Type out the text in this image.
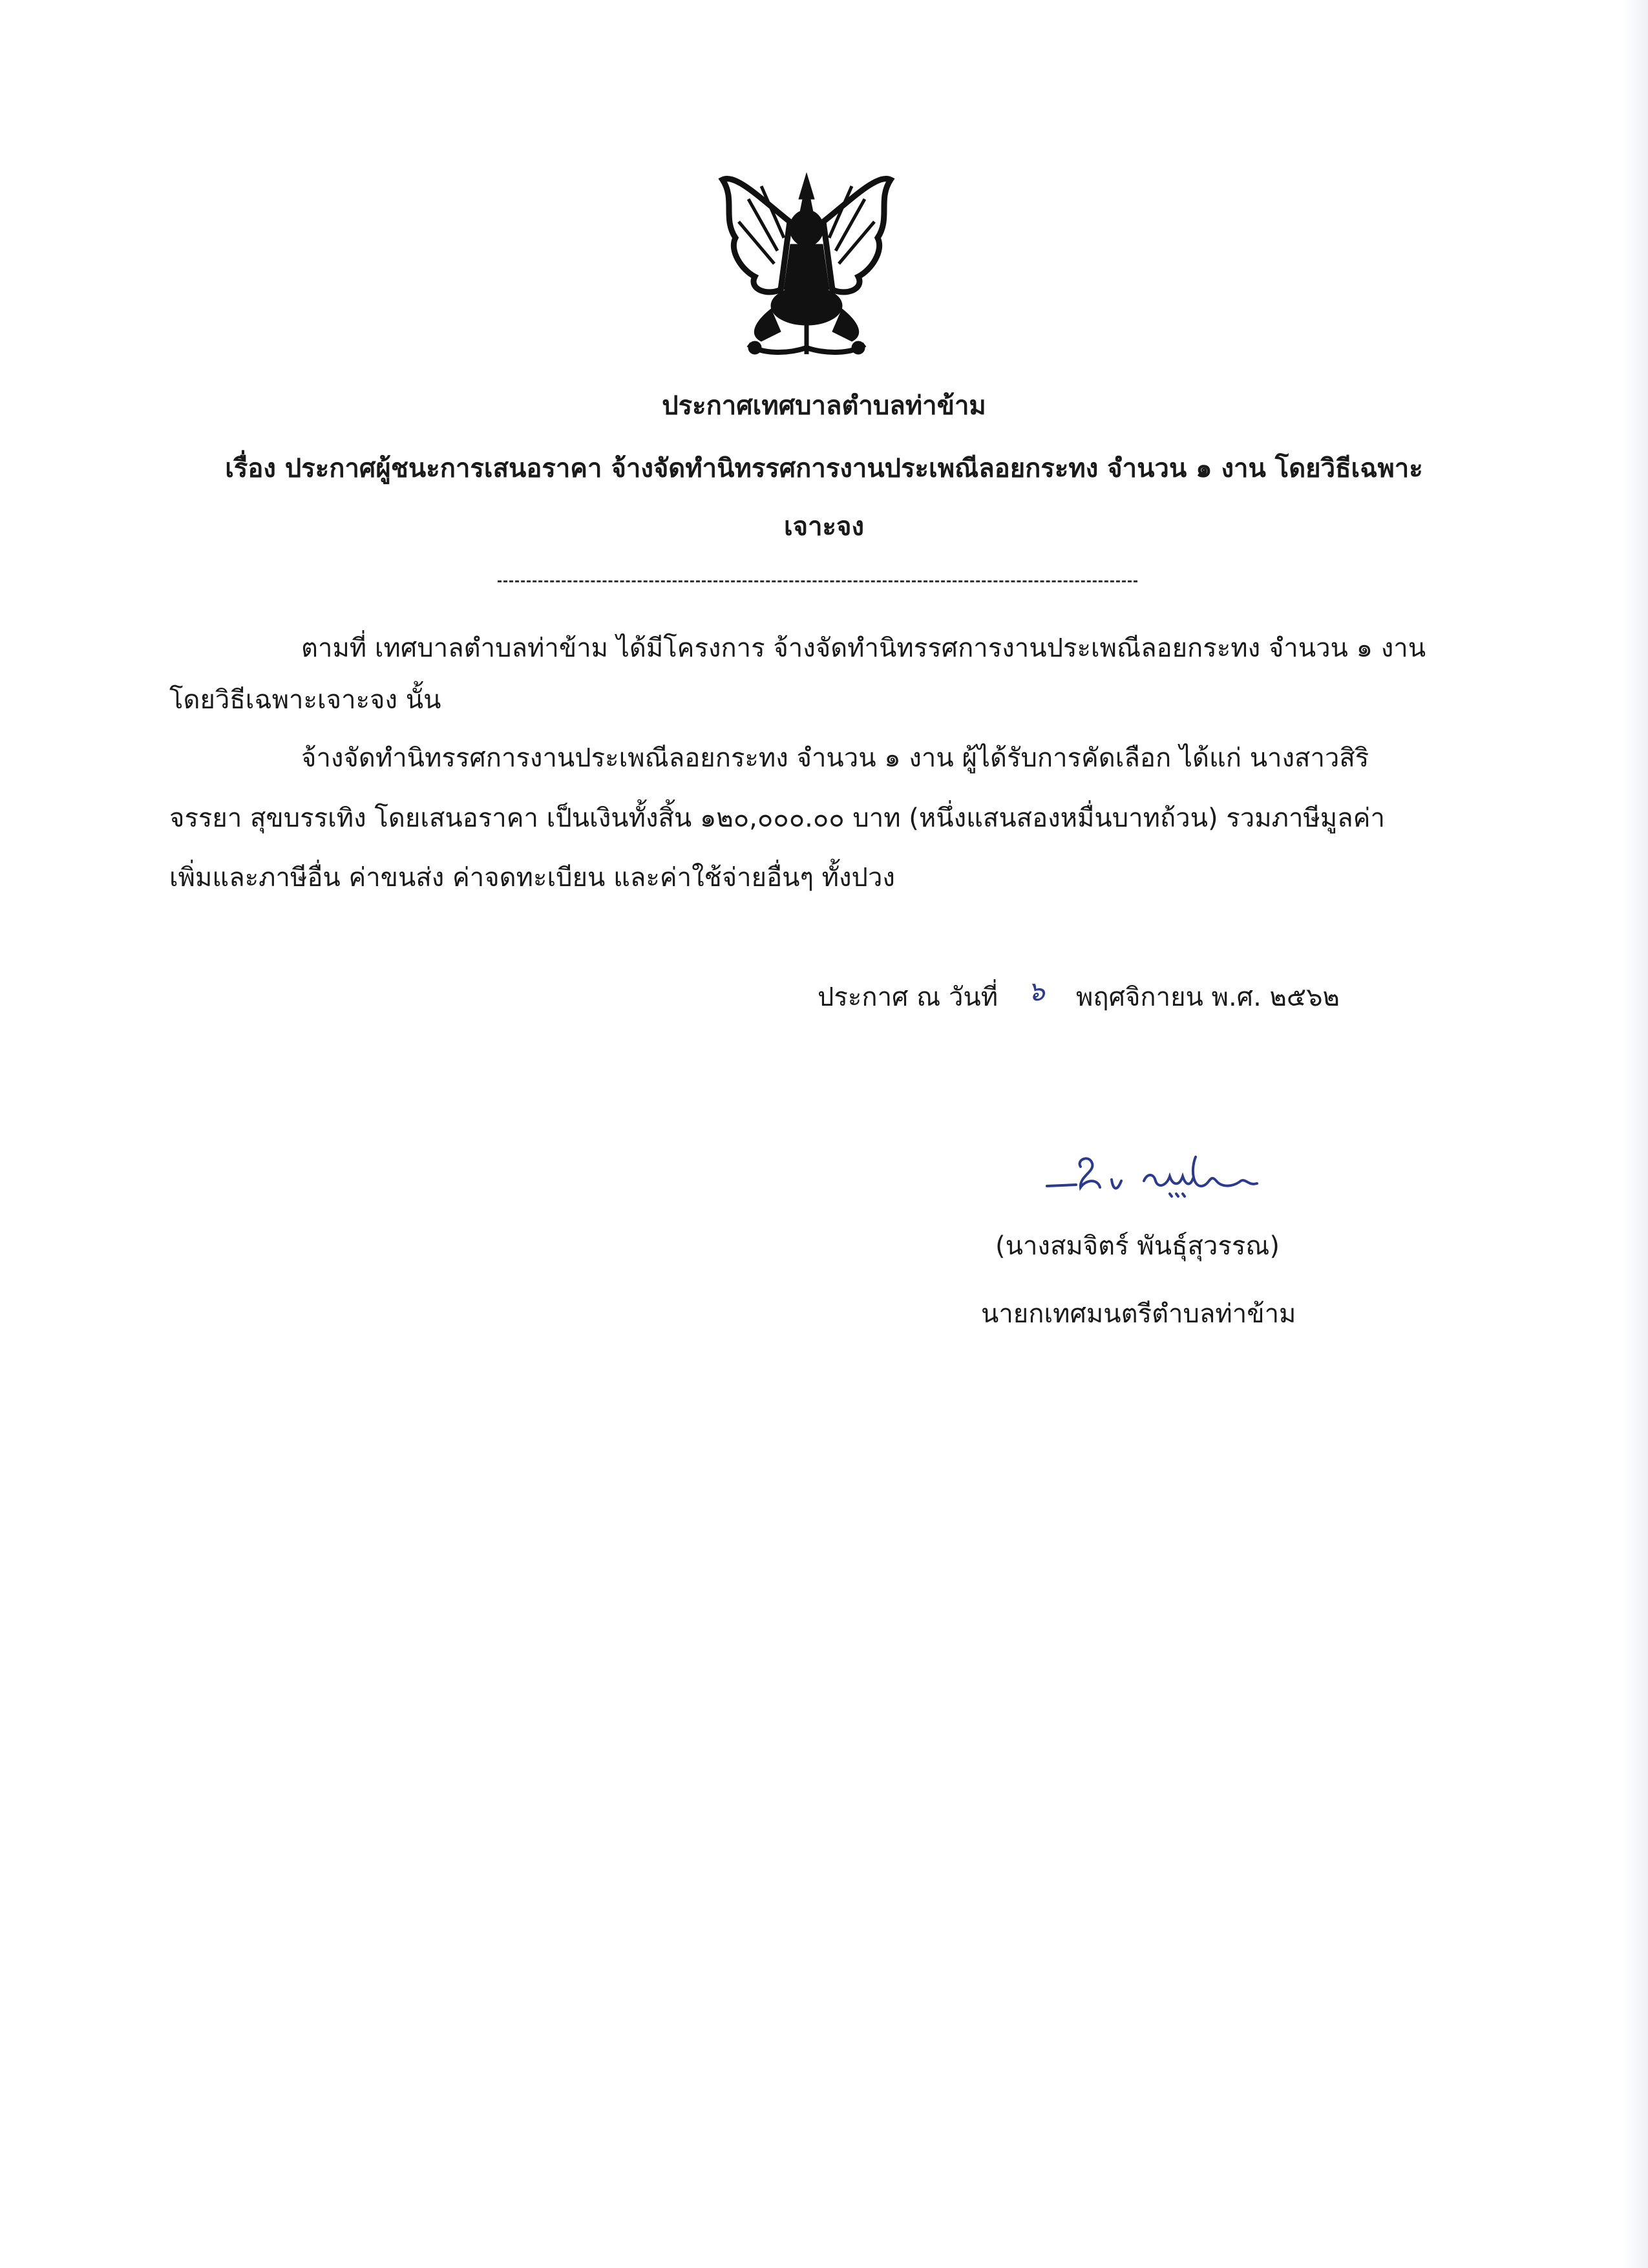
ประกาศเทศบาลตำบลท่าข้าม
เรื่อง ประกาศผู้ชนะการเสนอราคา จ้างจัดทำนิทรรศการงานประเพณีลอยกระทง จำนวน ๑ งาน โดยวิธีเฉพาะ
เจาะจง
ตามที่ เทศบาลตำบลท่าข้าม ได้มีโครงการ จ้างจัดทำนิทรรศการงานประเพณีลอยกระทง จำนวน ๑ งาน
โดยวิธีเฉพาะเจาะจง นั้น
จ้างจัดทำนิทรรศการงานประเพณีลอยกระทง จำนวน ๑ งาน ผู้ได้รับการคัดเลือก ได้แก่ นางสาวสิริ
จรรยา สุขบรรเทิง โดยเสนอราคา เป็นเงินทั้งสิ้น ๑๒๐,๐๐๐.๐๐ บาท (หนึ่งแสนสองหมื่นบาทถ้วน) รวมภาษีมูลค่า
เพิ่มและภาษีอื่น ค่าขนส่ง ค่าจดทะเบียน และค่าใช้จ่ายอื่นๆ ทั้งปวง
ประกาศ ณ วันที่ ๖ พฤศจิกายน พ.ศ. ๒๕๖๒
(นางสมจิตร์ พันธุ์สุวรรณ)
นายกเทศมนตรีตำบลท่าข้าม
